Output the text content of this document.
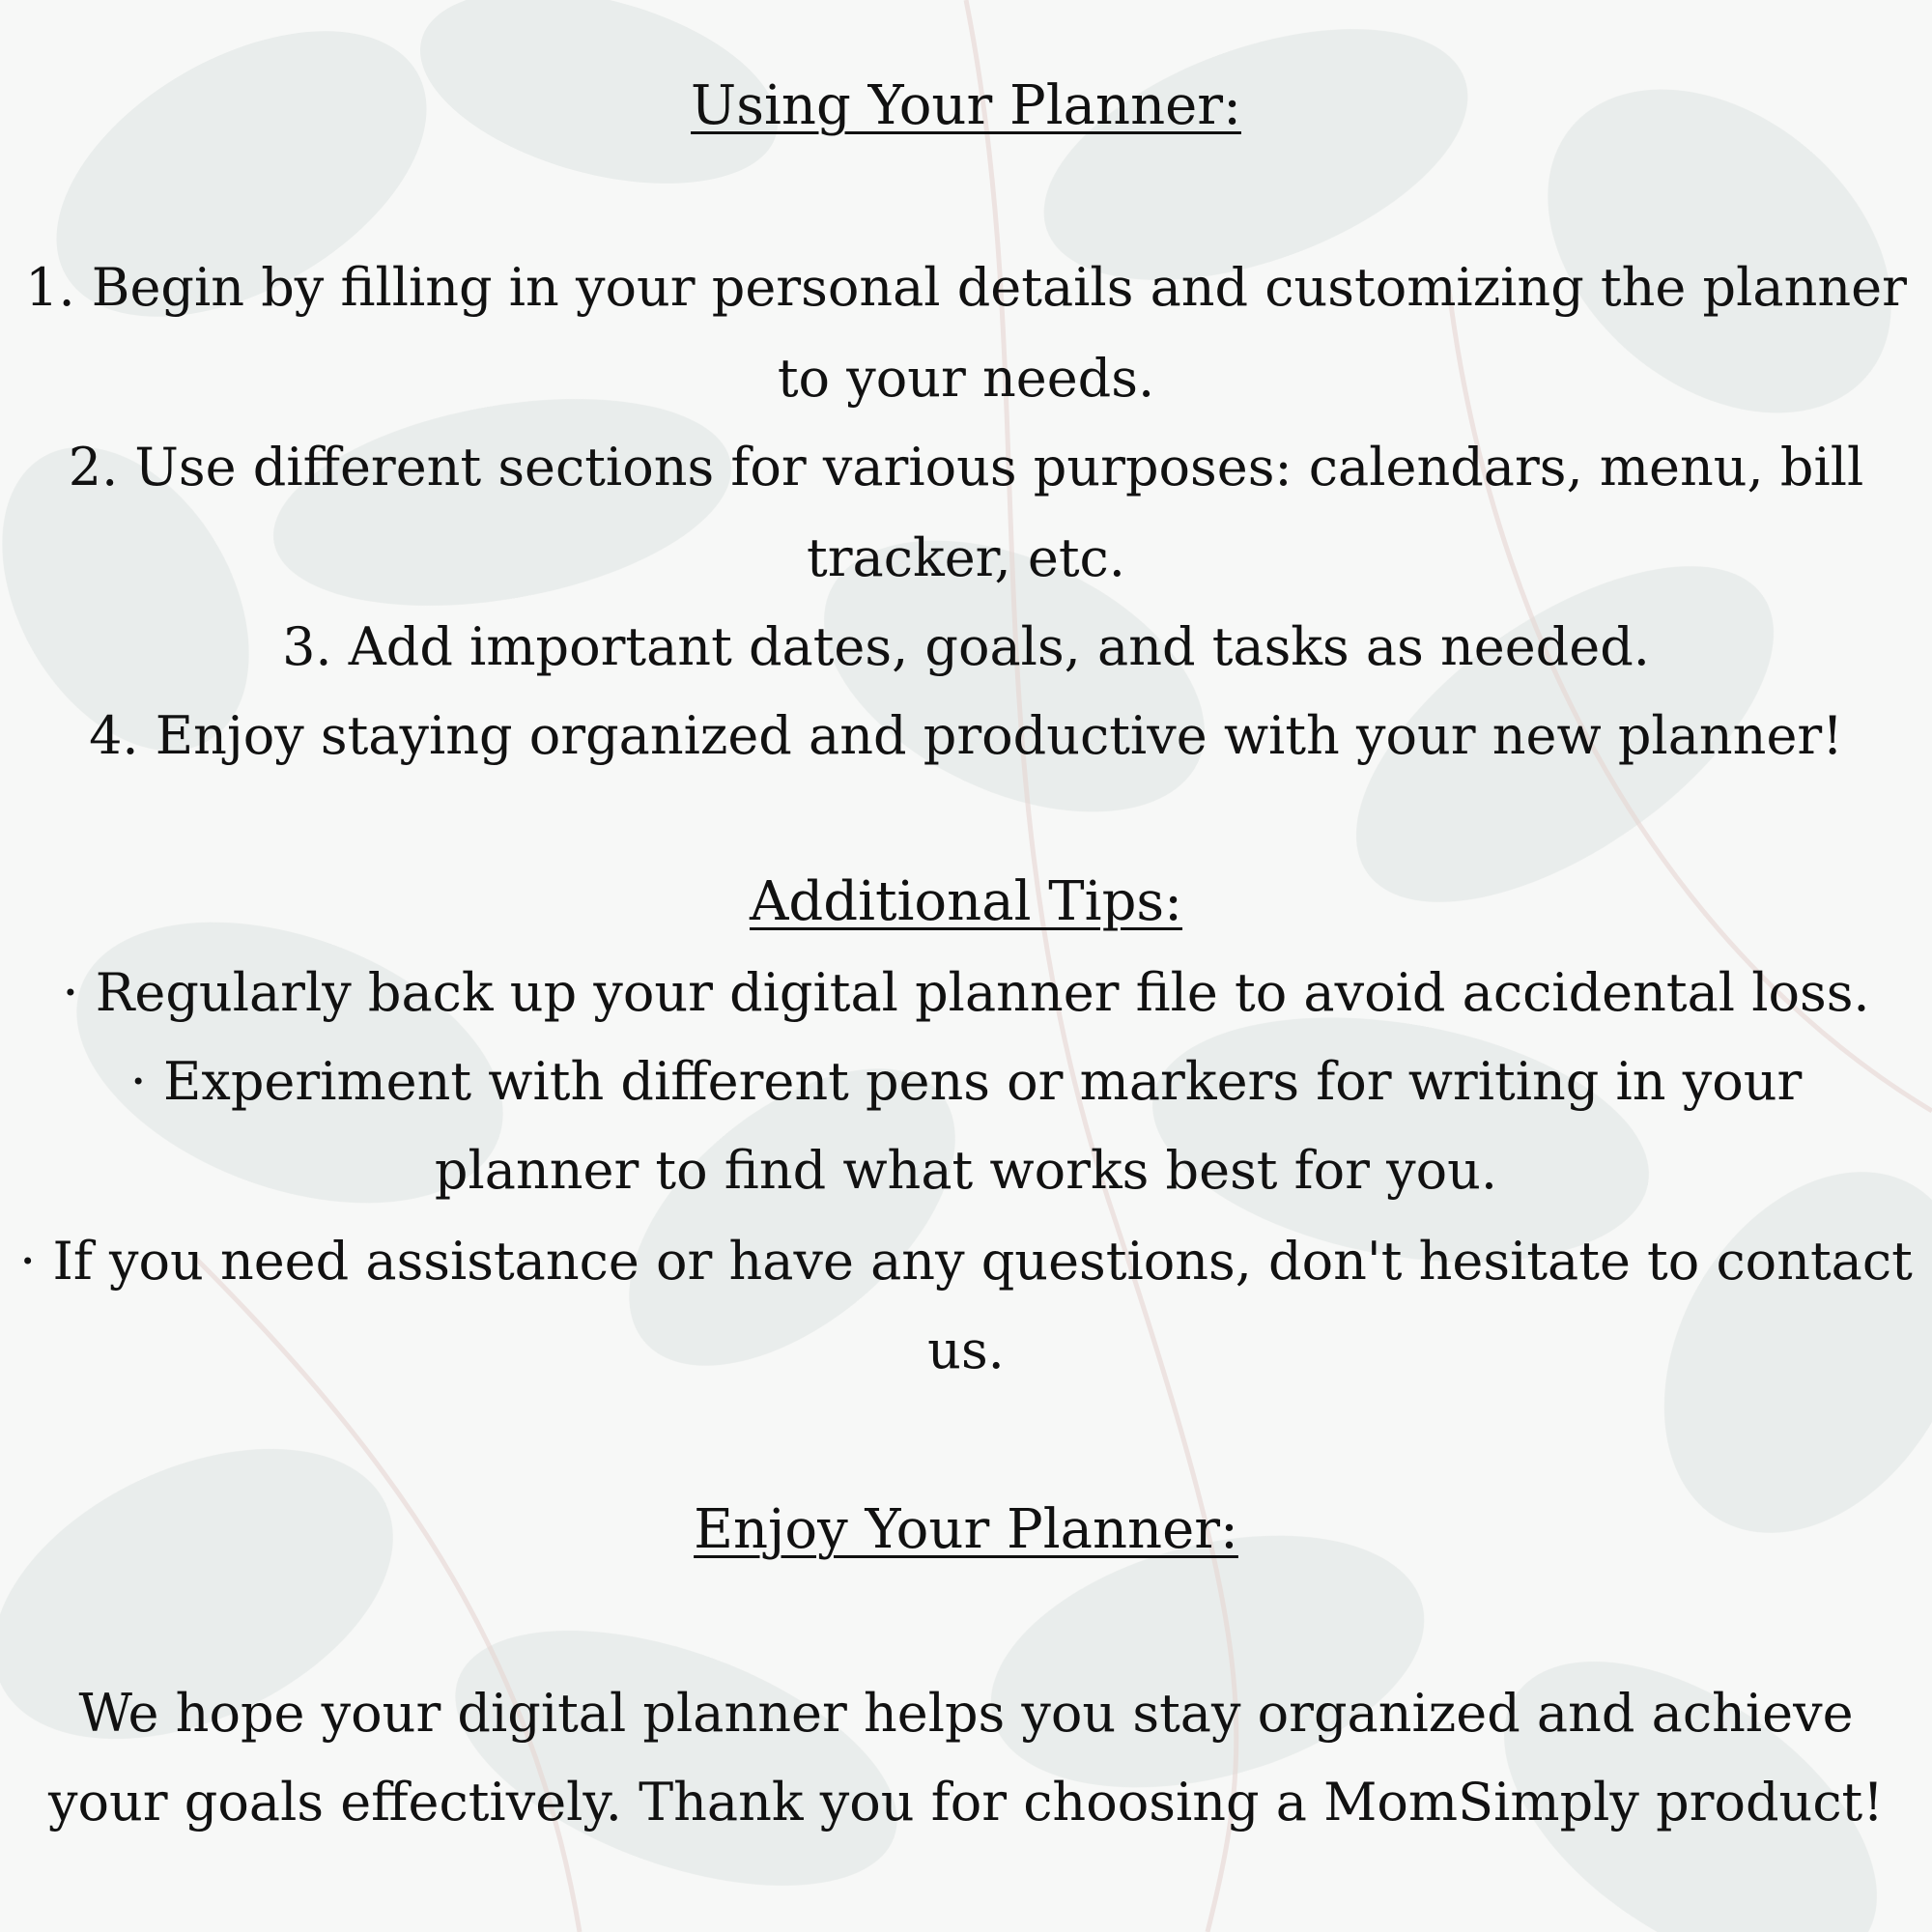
Using Your Planner:
1. Begin by filling in your personal details and customizing the planner
to your needs.
2. Use different sections for various purposes: calendars, menu, bill
tracker, etc.
3. Add important dates, goals, and tasks as needed.
4. Enjoy staying organized and productive with your new planner!
Additional Tips:
· Regularly back up your digital planner file to avoid accidental loss.
· Experiment with different pens or markers for writing in your
planner to find what works best for you.
· If you need assistance or have any questions, don't hesitate to contact
us.
Enjoy Your Planner:
We hope your digital planner helps you stay organized and achieve
your goals effectively. Thank you for choosing a MomSimply product!
